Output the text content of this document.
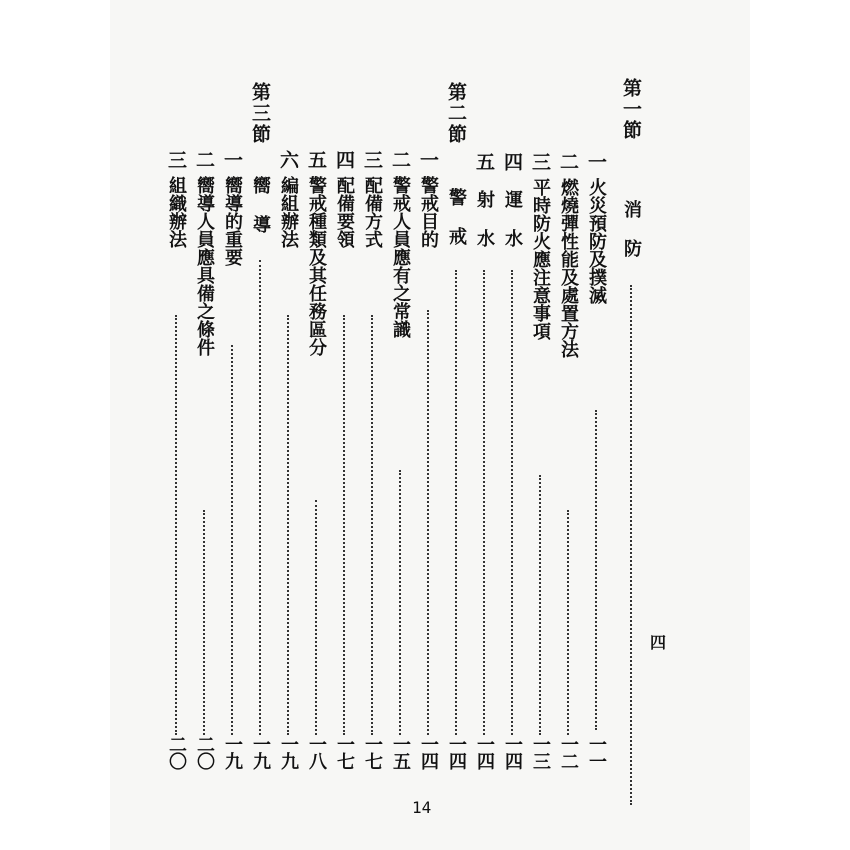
第一節
消 防
一
火災預防及撲滅
一一
二
燃燒彈性能及處置方法
一二
三
平時防火應注意事項
一三
四
運 水
一四
五
射 水
一四
第二節
警 戒
一四
一
警戒目的
一四
二
警戒人員應有之常識
一五
三
配備方式
一七
四
配備要領
一七
五
警戒種類及其任務區分
一八
六
編組辦法
一九
第三節
嚮 導
一九
一
嚮導的重要
一九
二
嚮導人員應具備之條件
二〇
三
組織辦法
二〇
四
14
